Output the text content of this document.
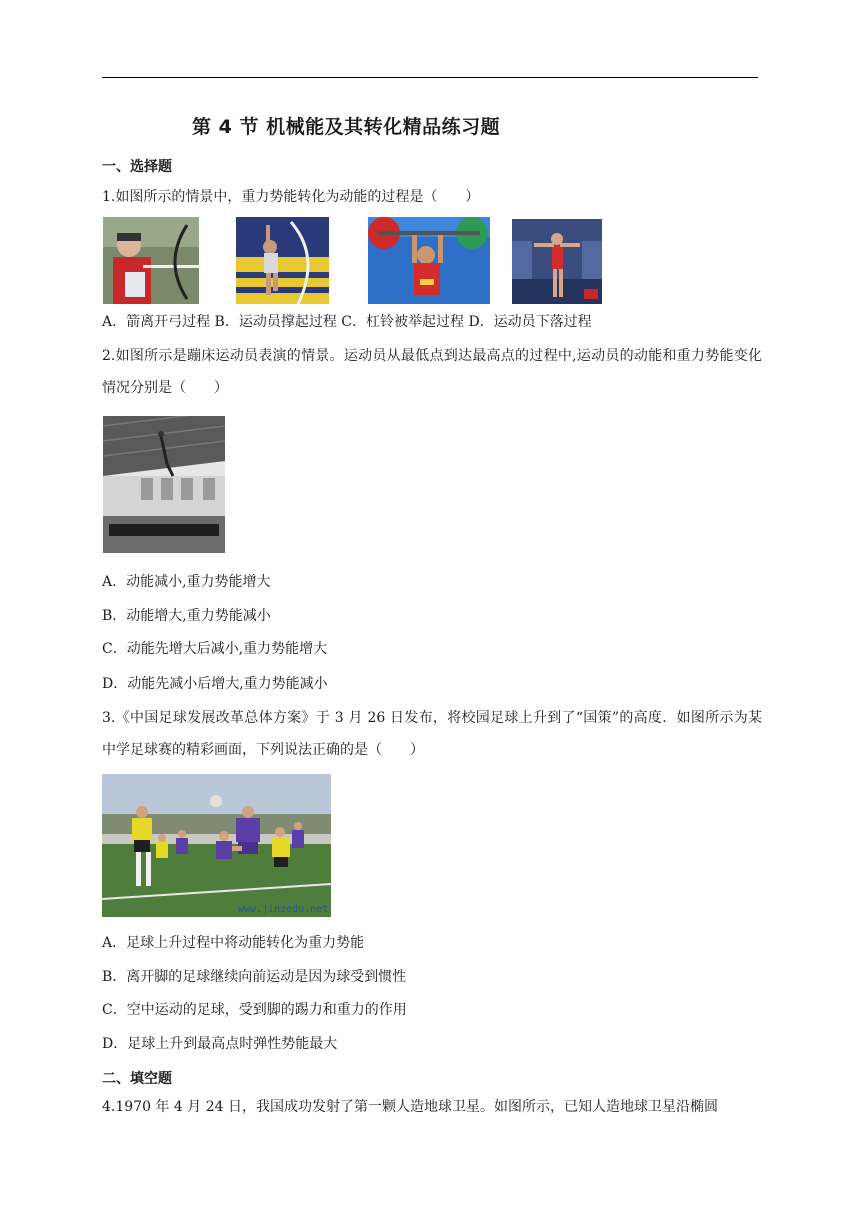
第 4 节 机械能及其转化精品练习题
一、选择题
1.如图所示的情景中，重力势能转化为动能的过程是（　　）
A．箭离开弓过程 B．运动员撑起过程 C．杠铃被举起过程 D．运动员下落过程
2.如图所示是蹦床运动员表演的情景。运动员从最低点到达最高点的过程中,运动员的动能和重力势能变化情况分别是（　　）
A．动能减小,重力势能增大
B．动能增大,重力势能减小
C．动能先增大后减小,重力势能增大
D．动能先减小后增大,重力势能减小
3.《中国足球发展改革总体方案》于 3 月 26 日发布，将校园足球上升到了“国策”的高度．如图所示为某中学足球赛的精彩画面，下列说法正确的是（　　）
www.jinzedu.net
A．足球上升过程中将动能转化为重力势能
B．离开脚的足球继续向前运动是因为球受到惯性
C．空中运动的足球，受到脚的踢力和重力的作用
D．足球上升到最高点时弹性势能最大
二、填空题
4.1970 年 4 月 24 日，我国成功发射了第一颗人造地球卫星。如图所示，已知人造地球卫星沿椭圆
